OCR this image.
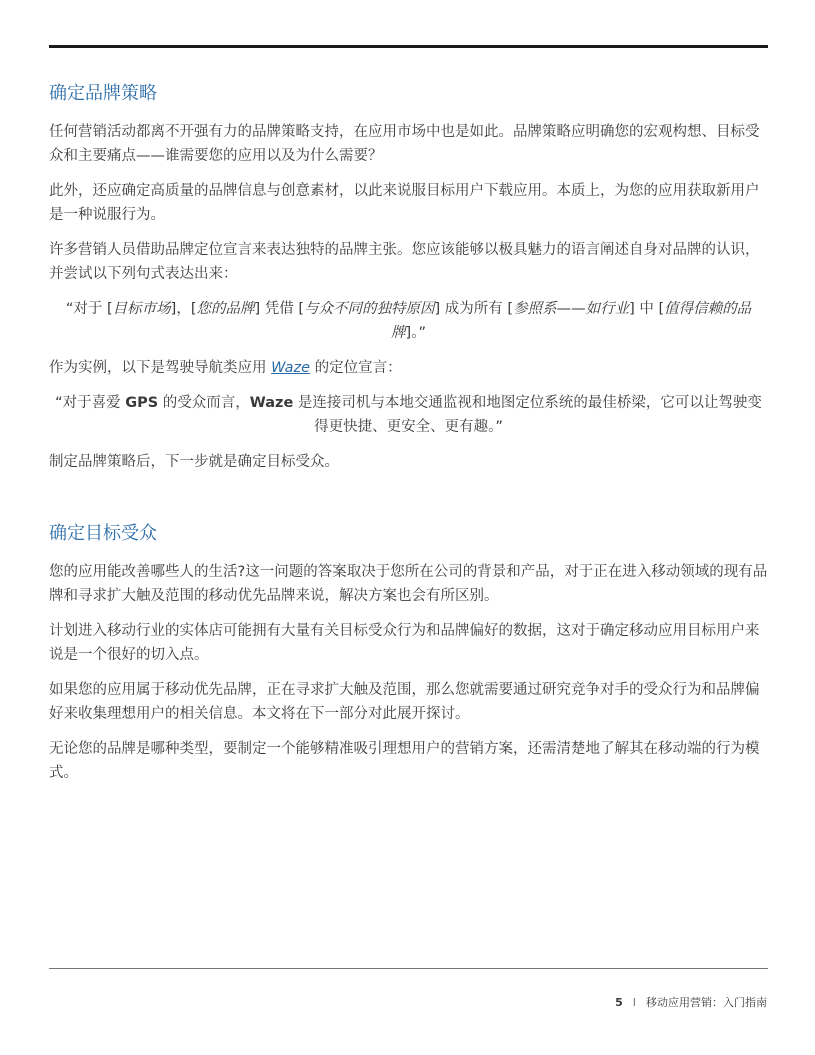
确定品牌策略

任何营销活动都离不开强有力的品牌策略支持，在应用市场中也是如此。品牌策略应明确您的宏观构想、目标受众和主要痛点——谁需要您的应用以及为什么需要？

此外，还应确定高质量的品牌信息与创意素材，以此来说服目标用户下载应用。本质上，为您的应用获取新用户是一种说服行为。

许多营销人员借助品牌定位宣言来表达独特的品牌主张。您应该能够以极具魅力的语言阐述自身对品牌的认识，并尝试以下列句式表达出来：

“对于 [目标市场]，[您的品牌] 凭借 [与众不同的独特原因] 成为所有 [参照系——如行业] 中 [值得信赖的品牌]。”

作为实例，以下是驾驶导航类应用 Waze 的定位宣言：

“对于喜爱 GPS 的受众而言，Waze 是连接司机与本地交通监视和地图定位系统的最佳桥梁，它可以让驾驶变得更快捷、更安全、更有趣。”

制定品牌策略后，下一步就是确定目标受众。

确定目标受众

您的应用能改善哪些人的生活?这一问题的答案取决于您所在公司的背景和产品，对于正在进入移动领域的现有品牌和寻求扩大触及范围的移动优先品牌来说，解决方案也会有所区别。

计划进入移动行业的实体店可能拥有大量有关目标受众行为和品牌偏好的数据，这对于确定移动应用目标用户来说是一个很好的切入点。

如果您的应用属于移动优先品牌，正在寻求扩大触及范围，那么您就需要通过研究竞争对手的受众行为和品牌偏好来收集理想用户的相关信息。本文将在下一部分对此展开探讨。

无论您的品牌是哪种类型，要制定一个能够精准吸引理想用户的营销方案，还需清楚地了解其在移动端的行为模式。

5 I 移动应用营销：入门指南
